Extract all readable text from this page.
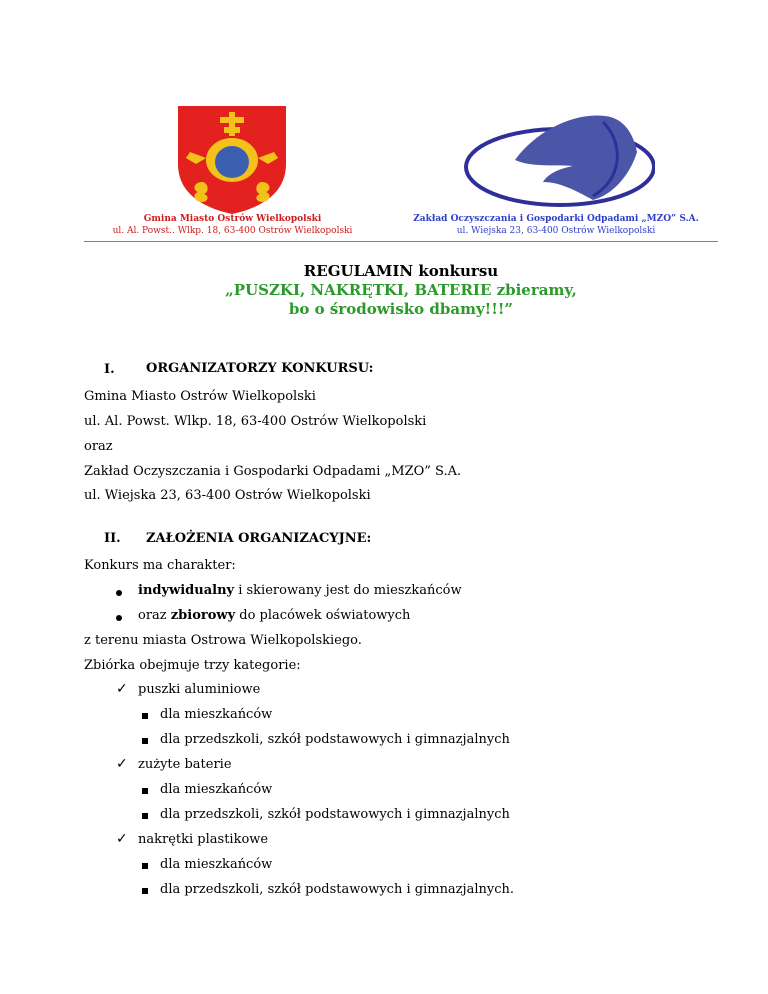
Gmina Miasto Ostrów Wielkopolski
ul. Al. Powst.. Wlkp. 18, 63-400 Ostrów Wielkopolski
Zakład Oczyszczania i Gospodarki Odpadami „MZO” S.A.
ul. Wiejska 23, 63-400 Ostrów Wielkopolski
REGULAMIN konkursu
„PUSZKI, NAKRĘTKI, BATERIE zbieramy,
bo o środowisko dbamy!!!”
I. ORGANIZATORZY KONKURSU:
Gmina Miasto Ostrów Wielkopolski
ul. Al. Powst. Wlkp. 18, 63-400 Ostrów Wielkopolski
oraz
Zakład Oczyszczania i Gospodarki Odpadami „MZO” S.A.
ul. Wiejska 23, 63-400 Ostrów Wielkopolski
II. ZAŁOŻENIA ORGANIZACYJNE:
Konkurs ma charakter:
indywidualny i skierowany jest do mieszkańców
oraz zbiorowy do placówek oświatowych
z terenu miasta Ostrowa Wielkopolskiego.
Zbiórka obejmuje trzy kategorie:
✓ puszki aluminiowe
dla mieszkańców
dla przedszkoli, szkół podstawowych i gimnazjalnych
✓ zużyte baterie
dla mieszkańców
dla przedszkoli, szkół podstawowych i gimnazjalnych
✓ nakrętki plastikowe
dla mieszkańców
dla przedszkoli, szkół podstawowych i gimnazjalnych.
